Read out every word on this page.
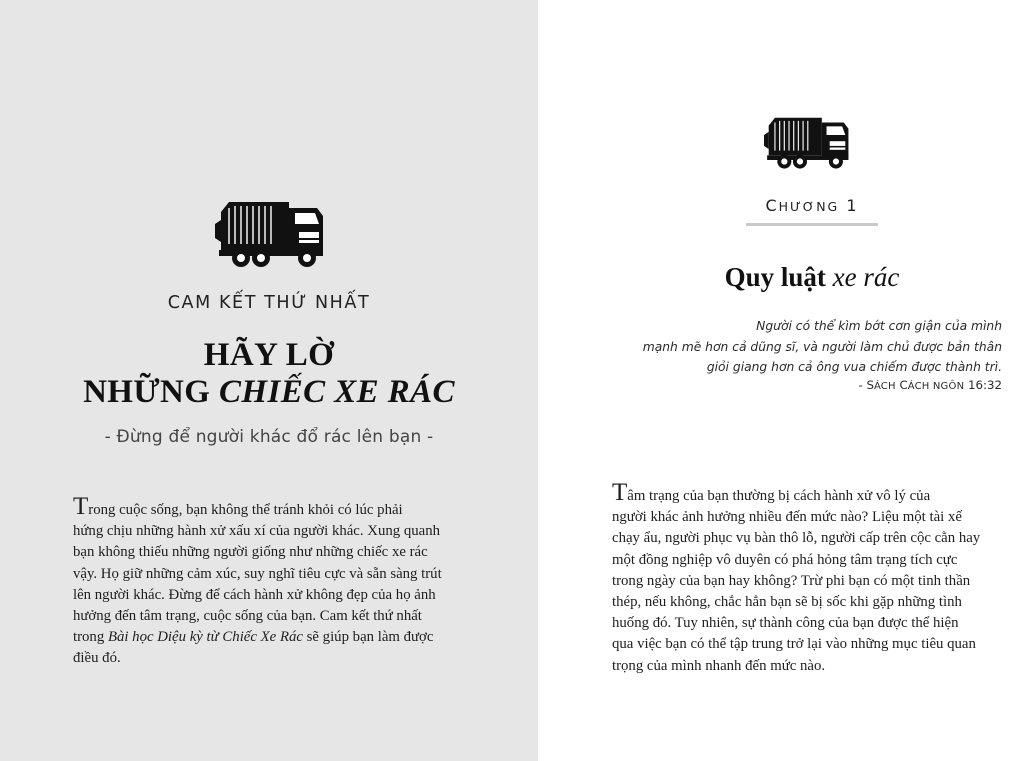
CAM KẾT THỨ NHẤT
HÃY LỜ
NHỮNG CHIẾC XE RÁC
- Đừng để người khác đổ rác lên bạn -
Trong cuộc sống, bạn không thể tránh khỏi có lúc phải
hứng chịu những hành xử xấu xí của người khác. Xung quanh
bạn không thiếu những người giống như những chiếc xe rác
vậy. Họ giữ những cảm xúc, suy nghĩ tiêu cực và sẵn sàng trút
lên người khác. Đừng để cách hành xử không đẹp của họ ảnh
hưởng đến tâm trạng, cuộc sống của bạn. Cam kết thứ nhất
trong Bài học Diệu kỳ từ Chiếc Xe Rác sẽ giúp bạn làm được
điều đó.
CHƯƠNG 1
Quy luật xe rác
Người có thể kìm bớt cơn giận của mình
mạnh mẽ hơn cả dũng sĩ, và người làm chủ được bản thân
giỏi giang hơn cả ông vua chiếm được thành trì.
- SÁCH CÁCH NGÔN 16:32
Tâm trạng của bạn thường bị cách hành xử vô lý của
người khác ảnh hưởng nhiều đến mức nào? Liệu một tài xế
chạy ẩu, người phục vụ bàn thô lỗ, người cấp trên cộc cằn hay
một đồng nghiệp vô duyên có phá hỏng tâm trạng tích cực
trong ngày của bạn hay không? Trừ phi bạn có một tinh thần
thép, nếu không, chắc hẳn bạn sẽ bị sốc khi gặp những tình
huống đó. Tuy nhiên, sự thành công của bạn được thể hiện
qua việc bạn có thể tập trung trở lại vào những mục tiêu quan
trọng của mình nhanh đến mức nào.
